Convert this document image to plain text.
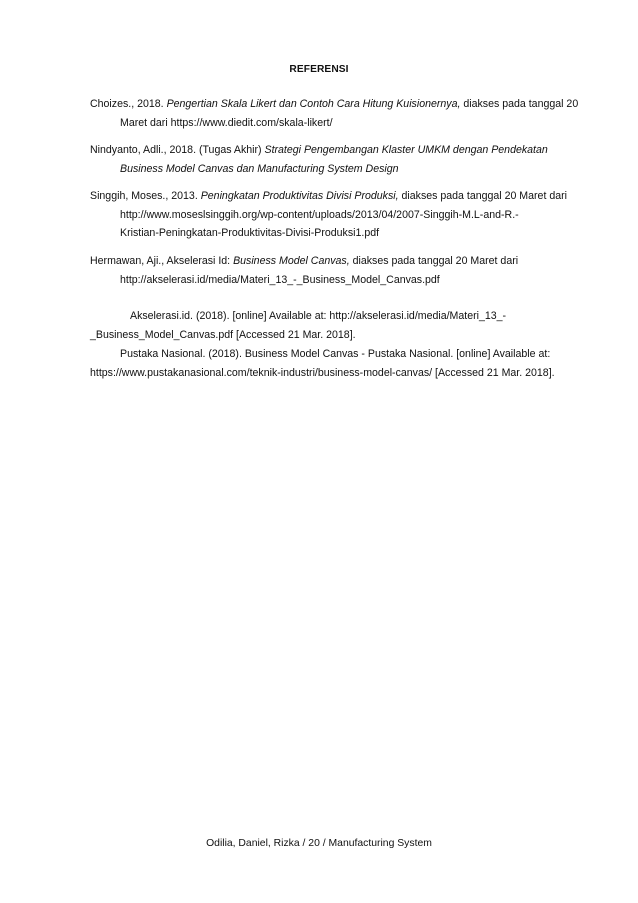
REFERENSI
Choizes., 2018. Pengertian Skala Likert dan Contoh Cara Hitung Kuisionernya, diakses pada tanggal 20
Maret dari https://www.diedit.com/skala-likert/
Nindyanto, Adli., 2018. (Tugas Akhir) Strategi Pengembangan Klaster UMKM dengan Pendekatan
Business Model Canvas dan Manufacturing System Design
Singgih, Moses., 2013. Peningkatan Produktivitas Divisi Produksi, diakses pada tanggal 20 Maret dari
http://www.moseslsinggih.org/wp-content/uploads/2013/04/2007-Singgih-M.L-and-R.-
Kristian-Peningkatan-Produktivitas-Divisi-Produksi1.pdf
Hermawan, Aji., Akselerasi Id: Business Model Canvas, diakses pada tanggal 20 Maret dari
http://akselerasi.id/media/Materi_13_-_Business_Model_Canvas.pdf
Akselerasi.id. (2018). [online] Available at: http://akselerasi.id/media/Materi_13_-
_Business_Model_Canvas.pdf [Accessed 21 Mar. 2018].
Pustaka Nasional. (2018). Business Model Canvas - Pustaka Nasional. [online] Available at:
https://www.pustakanasional.com/teknik-industri/business-model-canvas/ [Accessed 21 Mar. 2018].
Odilia, Daniel, Rizka / 20 / Manufacturing System
